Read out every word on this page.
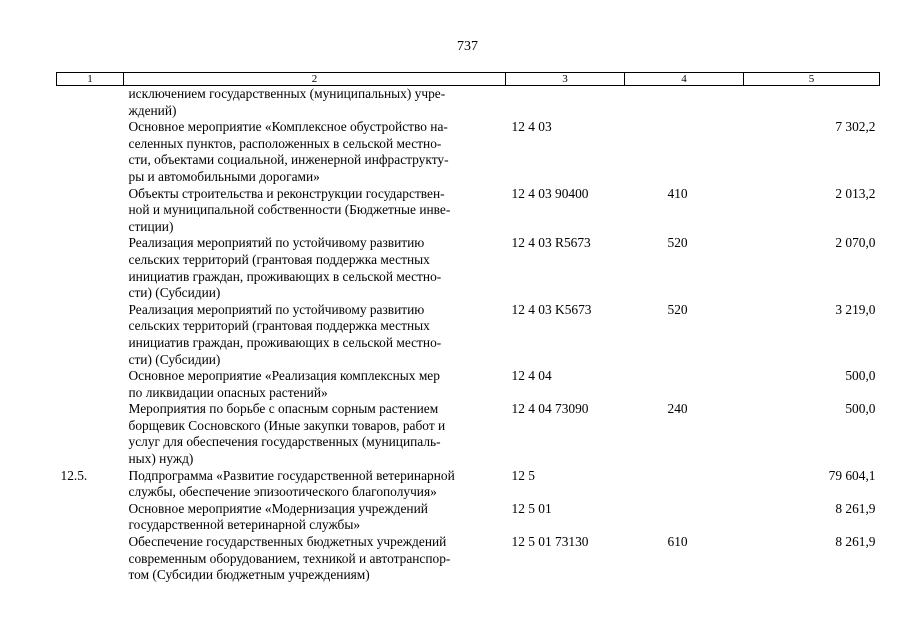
737
1	2	3	4	5

	исключением государственных (муниципальных) учре-
ждений)			

	Основное мероприятие «Комплексное обустройство на-
селенных пунктов, расположенных в сельской местно-
сти, объектами социальной, инженерной инфраструкту-
ры и автомобильными дорогами»	12 4 03		7 302,2

	Объекты строительства и реконструкции государствен-
ной и муниципальной собственности (Бюджетные инве-
стиции)	12 4 03 90400	410	2 013,2

	Реализация мероприятий по устойчивому развитию
сельских территорий (грантовая поддержка местных
инициатив граждан, проживающих в сельской местно-
сти) (Субсидии)	12 4 03 R5673	520	2 070,0

	Реализация мероприятий по устойчивому развитию
сельских территорий (грантовая поддержка местных
инициатив граждан, проживающих в сельской местно-
сти) (Субсидии)	12 4 03 K5673	520	3 219,0

	Основное мероприятие «Реализация комплексных мер
по ликвидации опасных растений»	12 4 04		500,0

	Мероприятия по борьбе с опасным сорным растением
борщевик Сосновского (Иные закупки товаров, работ и
услуг для обеспечения государственных (муниципаль-
ных) нужд)	12 4 04 73090	240	500,0
12.5.	Подпрограмма «Развитие государственной ветеринарной
службы, обеспечение эпизоотического благополучия»	12 5		79 604,1

	Основное мероприятие «Модернизация учреждений
государственной ветеринарной службы»	12 5 01		8 261,9

	Обеспечение государственных бюджетных учреждений
современным оборудованием, техникой и автотранспор-
том (Субсидии бюджетным учреждениям)	12 5 01 73130	610	8 261,9
